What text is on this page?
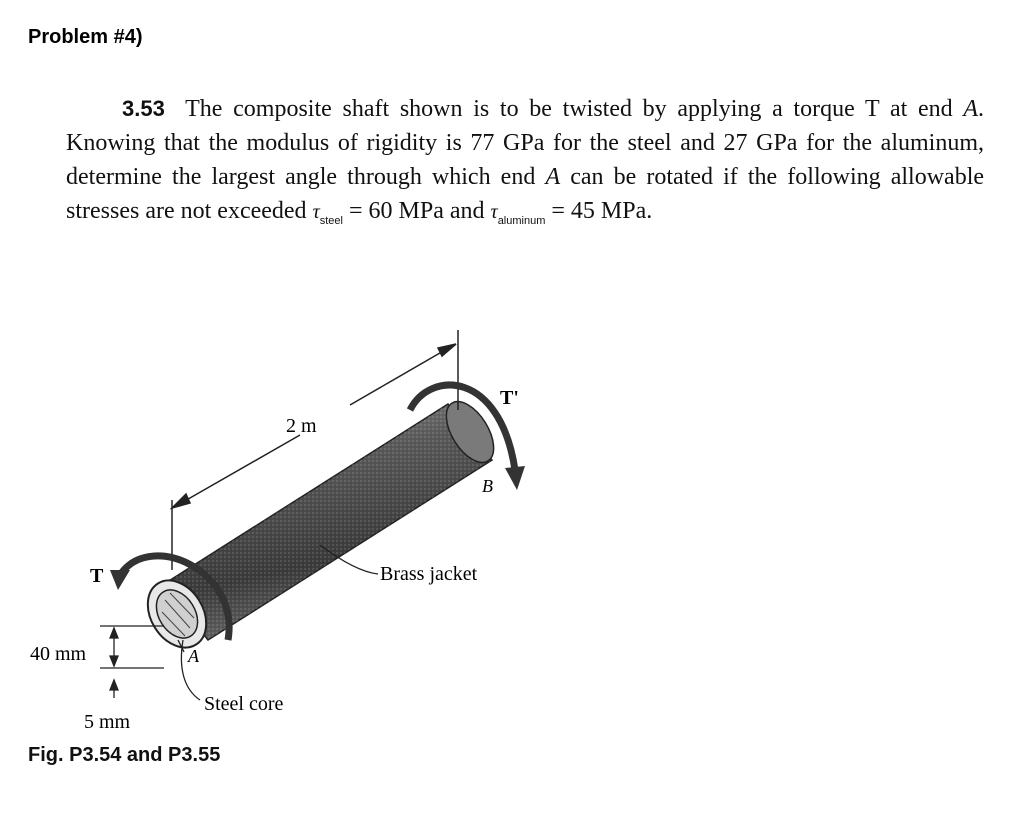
Problem #4)
3.53 The composite shaft shown is to be twisted by applying a torque T at end A. Knowing that the modulus of rigidity is 77 GPa for the steel and 27 GPa for the aluminum, determine the largest angle through which end A can be rotated if the following allowable stresses are not exceeded $\tau_{steel} = 60$ MPa and $\tau_{aluminum} = 45$ MPa.
2 m
T'
T
B
A
Brass jacket
Steel core
40 mm
5 mm
Fig. P3.54 and P3.55
